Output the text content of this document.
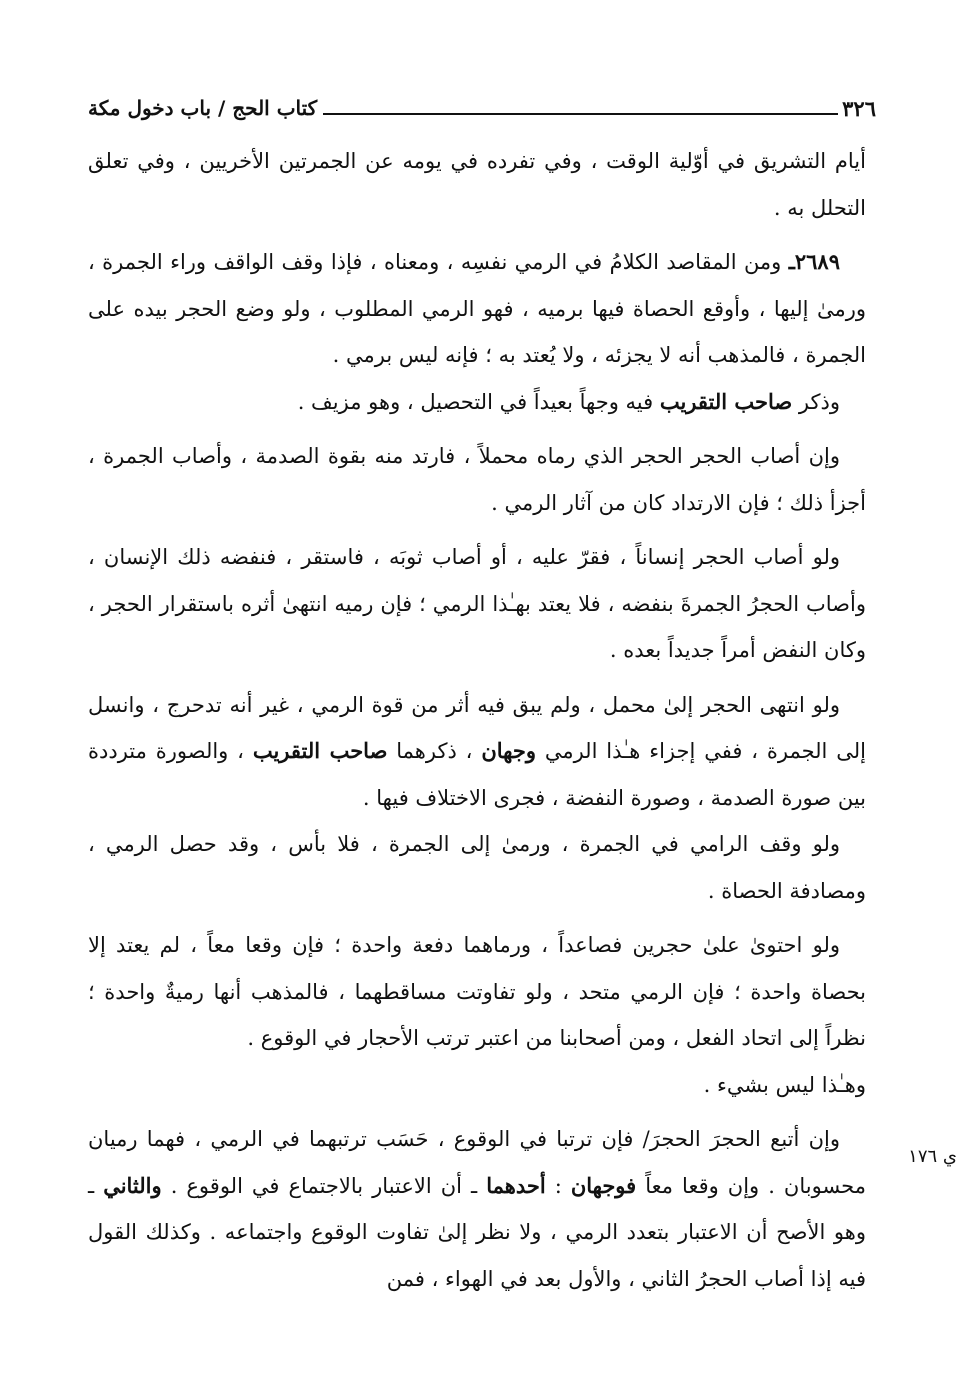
٣٢٦
كتاب الحج / باب دخول مكة
ي ١٧٦

أيام التشريق في أوّلية الوقت ، وفي تفرده في يومه عن الجمرتين الأخريين ، وفي تعلق التحلل به .

٢٦٨٩ـ ومن المقاصد الكلامُ في الرمي نفسِه ، ومعناه ، فإذا وقف الواقف وراء الجمرة ، ورمىٰ إليها ، وأوقع الحصاة فيها برميه ، فهو الرمي المطلوب ، ولو وضع الحجر بيده على الجمرة ، فالمذهب أنه لا يجزئه ، ولا يُعتد به ؛ فإنه ليس برمي .

وذكر صاحب التقريب فيه وجهاً بعيداً في التحصيل ، وهو مزيف .

وإن أصاب الحجر الحجر الذي رماه محملاً ، فارتد منه بقوة الصدمة ، وأصاب الجمرة ، أجزأ ذلك ؛ فإن الارتداد كان من آثار الرمي .

ولو أصاب الحجر إنساناً ، فقرّ عليه ، أو أصاب ثوبَه ، فاستقر ، فنفضه ذلك الإنسان ، وأصاب الحجرُ الجمرةَ بنفضه ، فلا يعتد بهـٰذا الرمي ؛ فإن رميه انتهىٰ أثره باستقرار الحجر ، وكان النفض أمراً جديداً بعده .

ولو انتهى الحجر إلىٰ محمل ، ولم يبق فيه أثر من قوة الرمي ، غير أنه تدحرج ، وانسل إلى الجمرة ، ففي إجزاء هـٰذا الرمي وجهان ، ذكرهما صاحب التقريب ، والصورة مترددة بين صورة الصدمة ، وصورة النفضة ، فجرى الاختلاف فيها .

ولو وقف الرامي في الجمرة ، ورمىٰ إلى الجمرة ، فلا بأس ، وقد حصل الرمي ، ومصادفة الحصاة .

ولو احتوىٰ علىٰ حجرين فصاعداً ، ورماهما دفعة واحدة ؛ فإن وقعا معاً ، لم يعتد إلا بحصاة واحدة ؛ فإن الرمي متحد ، ولو تفاوتت مساقطهما ، فالمذهب أنها رميةٌ واحدة ؛ نظراً إلى اتحاد الفعل ، ومن أصحابنا من اعتبر ترتب الأحجار في الوقوع .

وهـٰذا ليس بشيء .

وإن أتبع الحجرَ الحجرَ/ فإن ترتبا في الوقوع ، حَسَب ترتبهما في الرمي ، فهما رميان محسوبان . وإن وقعا معاً فوجهان : أحدهما ـ أن الاعتبار بالاجتماع في الوقوع . والثاني ـ وهو الأصح أن الاعتبار بتعدد الرمي ، ولا نظر إلىٰ تفاوت الوقوع واجتماعه . وكذلك القول فيه إذا أصاب الحجرُ الثاني ، والأول بعد في الهواء ، فمن
